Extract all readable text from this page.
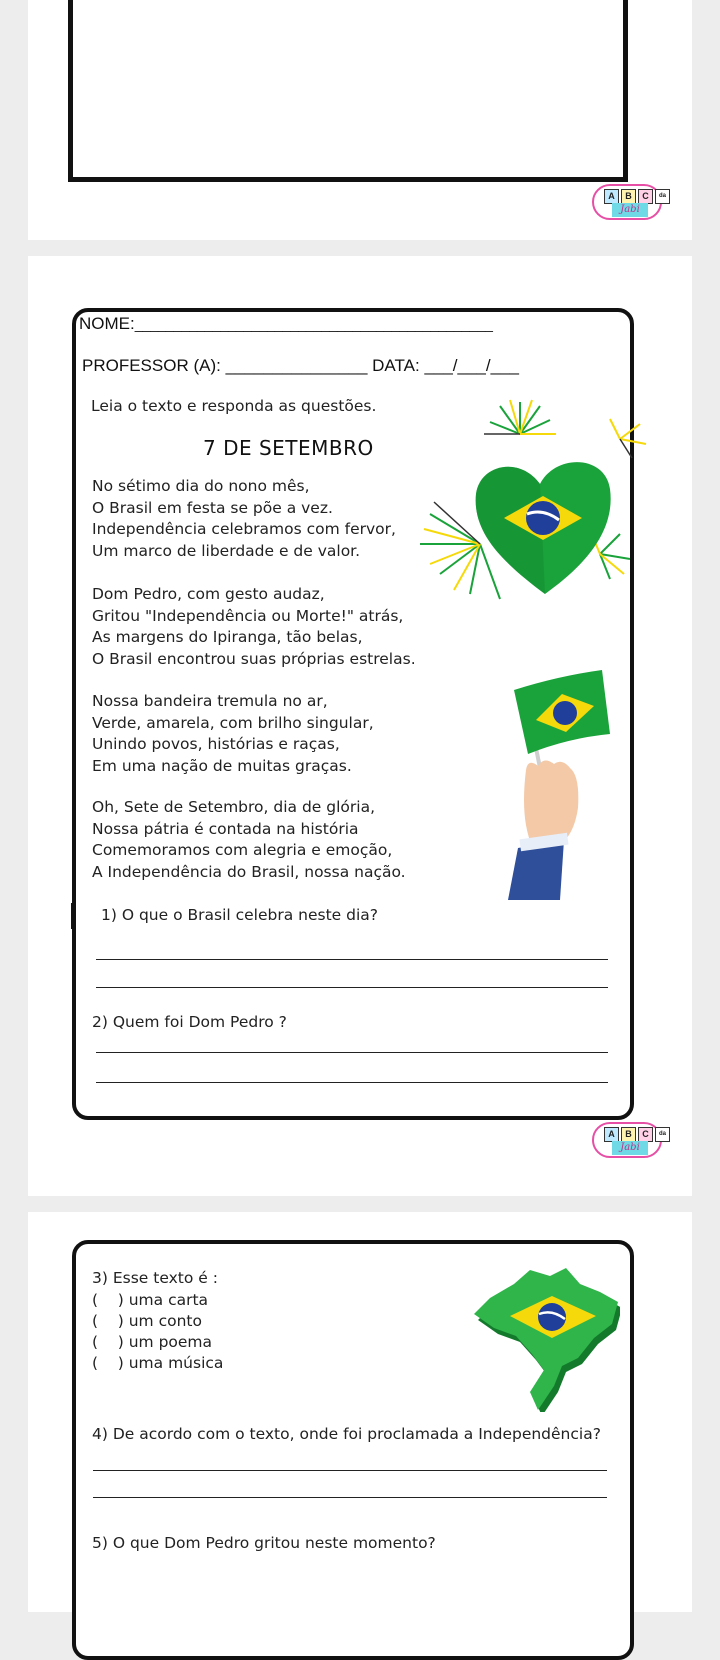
A	B	C	da
Jabi
NOME:______________________________________________
PROFESSOR (A): _______________ DATA: ___/___/___
Leia o texto e responda as questões.
7 DE SETEMBRO
No sétimo dia do nono mês,
O Brasil em festa se põe a vez.
Independência celebramos com fervor,
Um marco de liberdade e de valor.
Dom Pedro, com gesto audaz,
Gritou "Independência ou Morte!" atrás,
As margens do Ipiranga, tão belas,
O Brasil encontrou suas próprias estrelas.
Nossa bandeira tremula no ar,
Verde, amarela, com brilho singular,
Unindo povos, histórias e raças,
Em uma nação de muitas graças.
Oh, Sete de Setembro, dia de glória,
Nossa pátria é contada na história
Comemoramos com alegria e emoção,
A Independência do Brasil, nossa nação.
1) O que o Brasil celebra neste dia?
2) Quem foi Dom Pedro ?
A	B	C	da
Jabi
3) Esse texto é :
(    ) uma carta
(    ) um conto
(    ) um poema
(    ) uma música
4) De acordo com o texto, onde foi proclamada a Independência?
5) O que Dom Pedro gritou neste momento?
